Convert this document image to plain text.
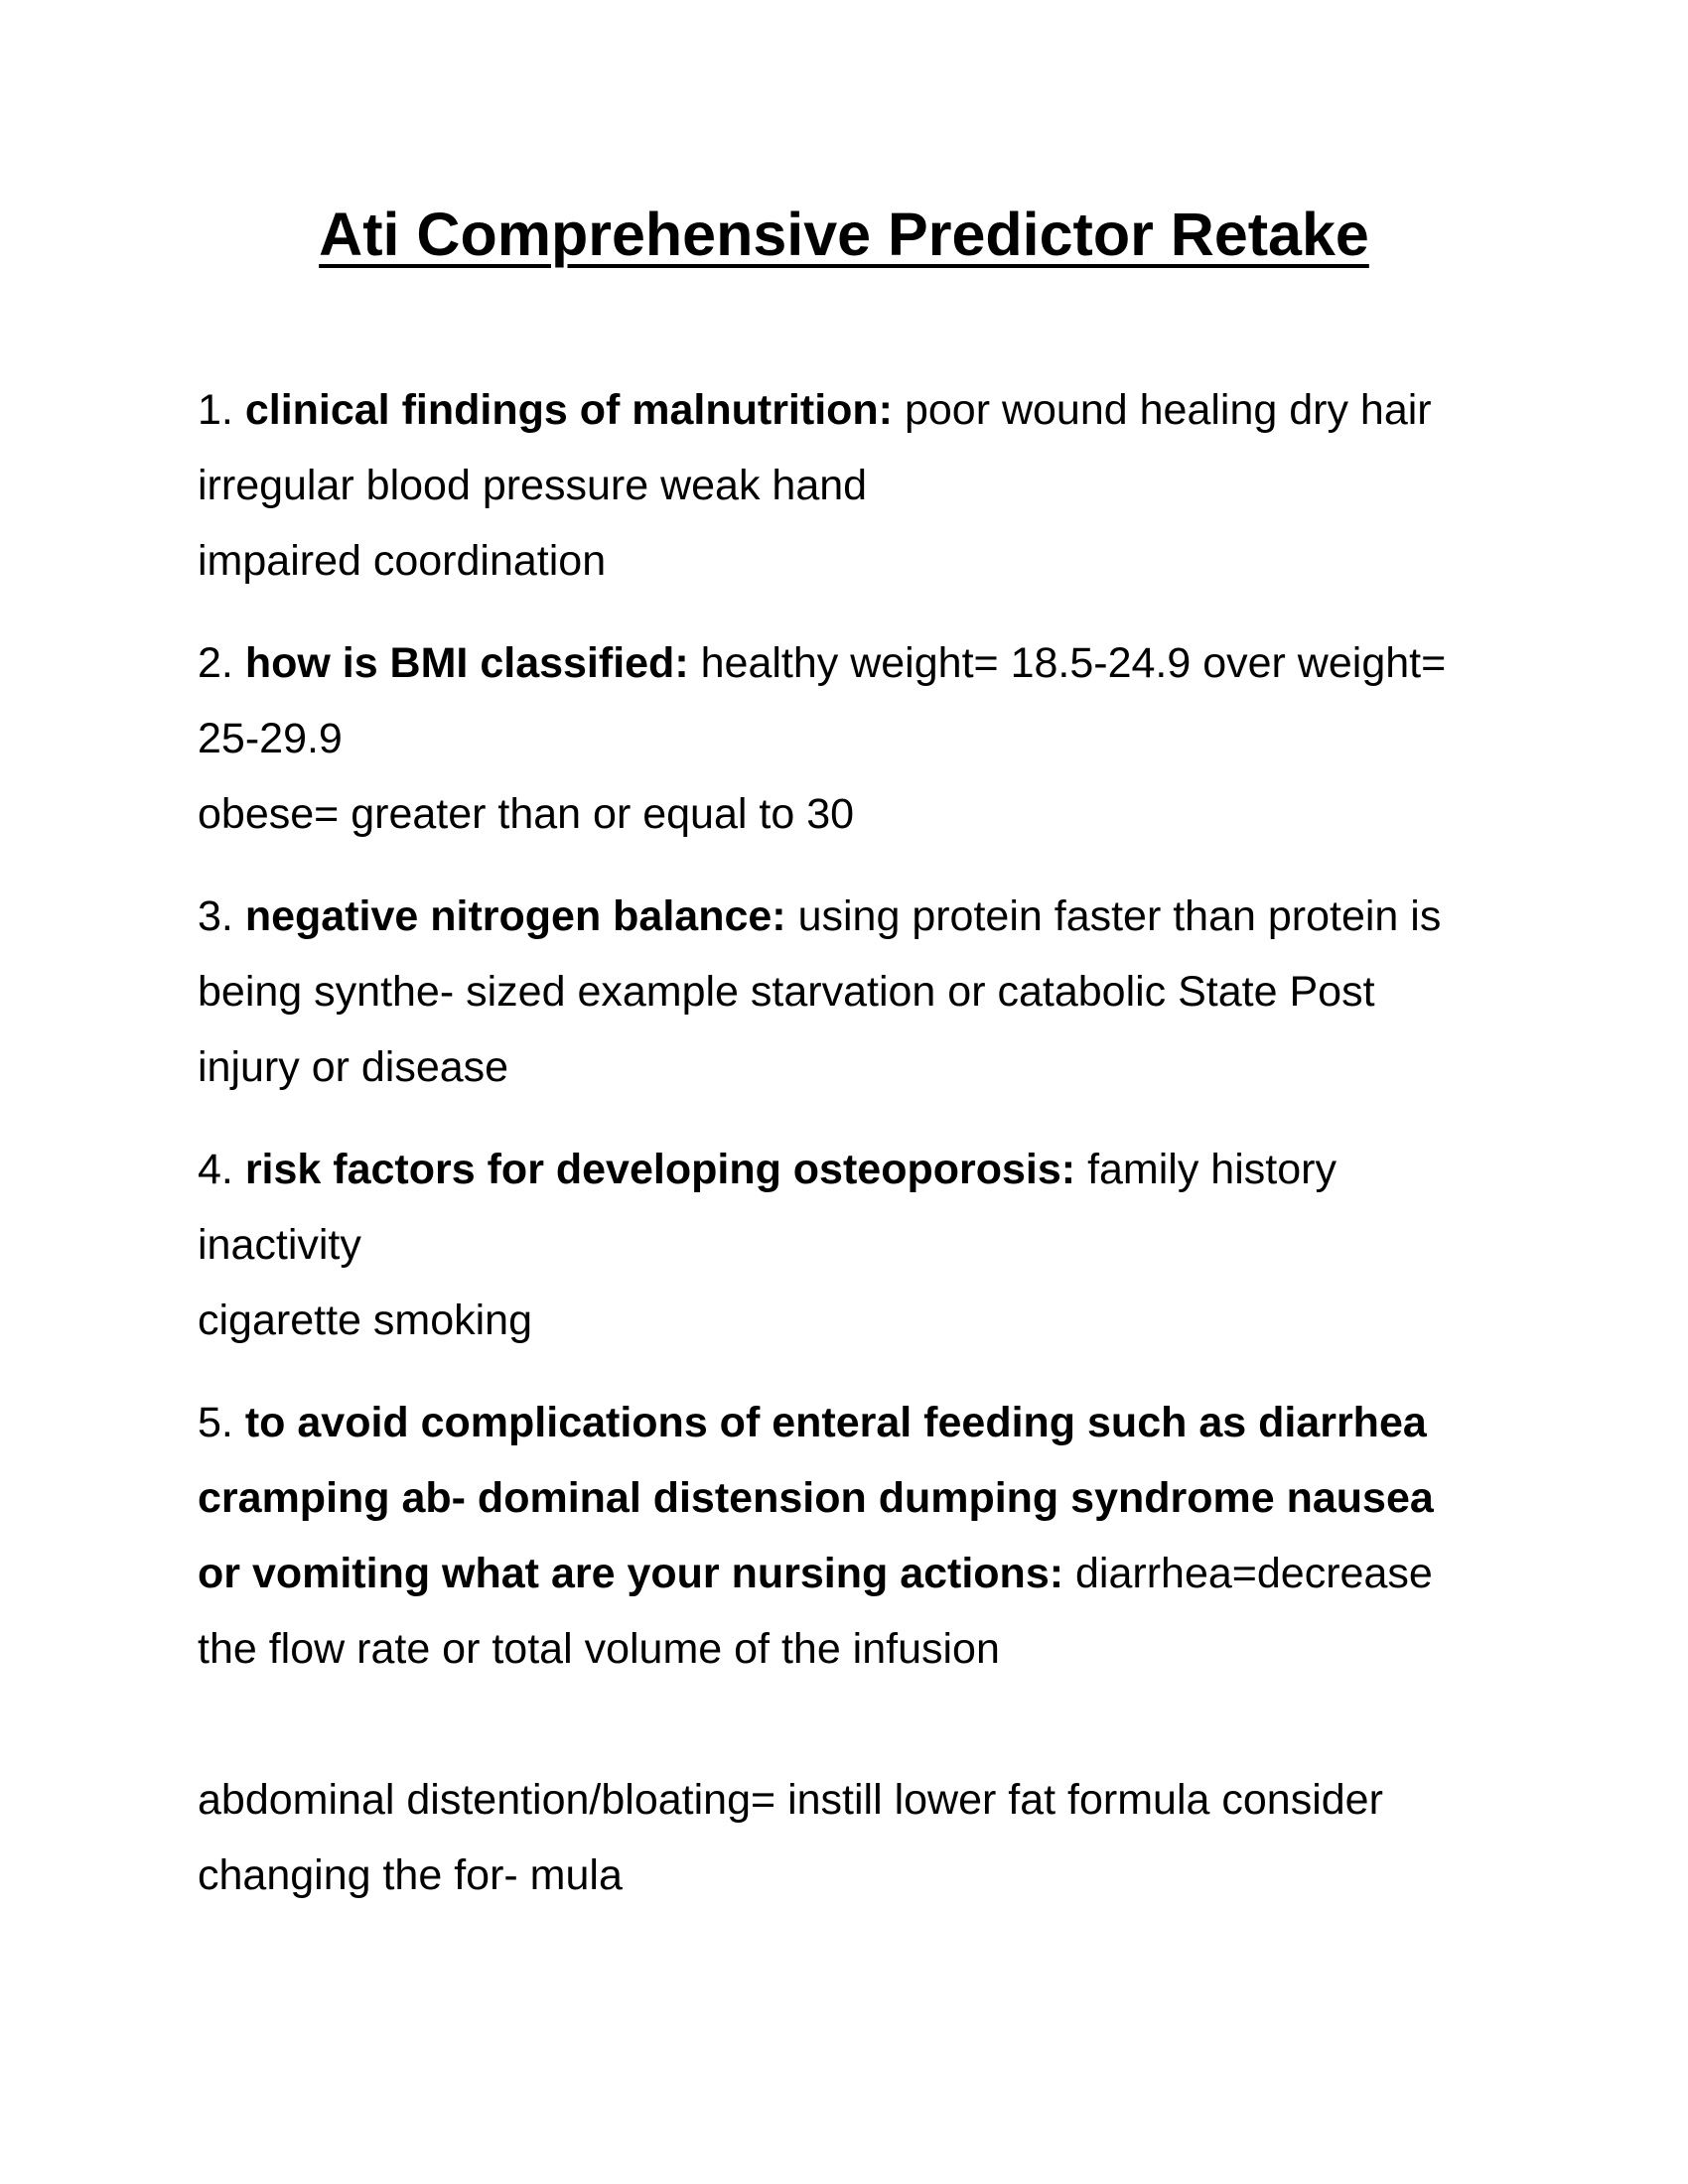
Ati Comprehensive Predictor Retake
1. clinical findings of malnutrition: poor wound healing dry hair
irregular blood pressure weak hand
impaired coordination
2. how is BMI classified: healthy weight= 18.5-24.9 over weight=
25-29.9
obese= greater than or equal to 30
3. negative nitrogen balance: using protein faster than protein is
being synthe- sized example starvation or catabolic State Post
injury or disease
4. risk factors for developing osteoporosis: family history
inactivity
cigarette smoking
5. to avoid complications of enteral feeding such as diarrhea
cramping ab- dominal distension dumping syndrome nausea
or vomiting what are your nursing actions: diarrhea=decrease
the flow rate or total volume of the infusion
abdominal distention/bloating= instill lower fat formula consider
changing the for- mula
